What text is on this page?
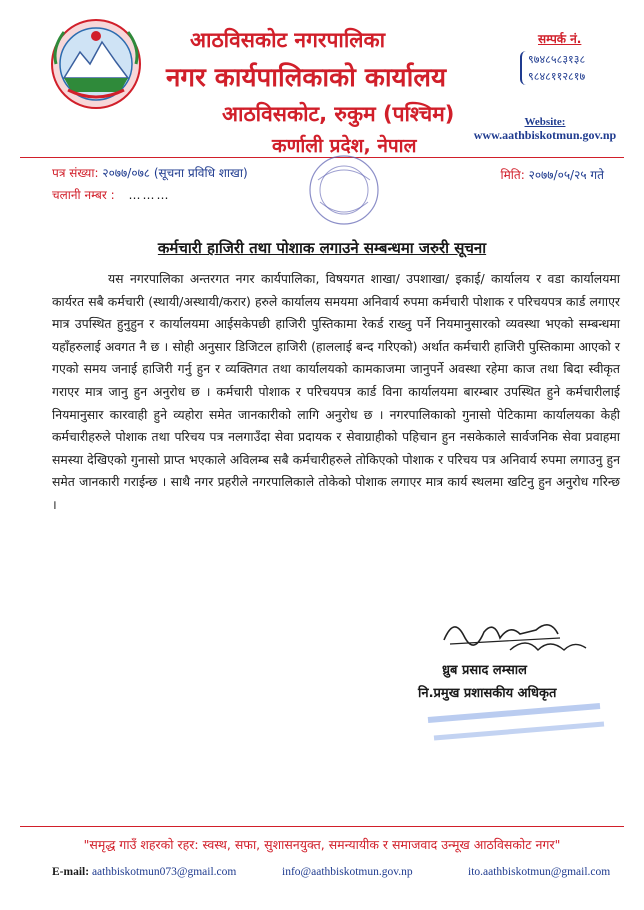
आठविसकोट नगरपालिका
नगर कार्यपालिकाको कार्यालय
आठविसकोट, रुकुम (पश्चिम)
कर्णाली प्रदेश, नेपाल
सम्पर्क नं.
९७४८५८३१३८
९८४८११२८१७
Website:
www.aathbiskotmun.gov.np
पत्र संख्या: २०७७/०७८ (सूचना प्रविधि शाखा)
चलानी नम्बर : ………
मिति: २०७७/०५/२५ गते
कर्मचारी हाजिरी तथा पोशाक लगाउने सम्बन्धमा जरुरी सूचना
यस नगरपालिका अन्तरगत नगर कार्यपालिका, विषयगत शाखा/ उपशाखा/ इकाई/ कार्यालय र वडा कार्यालयमा कार्यरत सबै कर्मचारी (स्थायी/अस्थायी/करार) हरुले कार्यालय समयमा अनिवार्य रुपमा कर्मचारी पोशाक र परिचयपत्र कार्ड लगाएर मात्र उपस्थित हुनुहुन र कार्यालयमा आईसकेपछी हाजिरी पुस्तिकामा रेकर्ड राख्नु पर्ने नियमानुसारको व्यवस्था भएको सम्बन्धमा यहाँहरुलाई अवगत नै छ । सोही अनुसार डिजिटल हाजिरी (हाललाई बन्द गरिएको) अर्थात कर्मचारी हाजिरी पुस्तिकामा आएको र गएको समय जनाई हाजिरी गर्नु हुन र व्यक्तिगत तथा कार्यालयको कामकाजमा जानुपर्ने अवस्था रहेमा काज तथा बिदा स्वीकृत गराएर मात्र जानु हुन अनुरोध छ । कर्मचारी पोशाक र परिचयपत्र कार्ड विना कार्यालयमा बारम्बार उपस्थित हुने कर्मचारीलाई नियमानुसार कारवाही हुने व्यहोरा समेत जानकारीको लागि अनुरोध छ । नगरपालिकाको गुनासो पेटिकामा कार्यालयका केही कर्मचारीहरुले पोशाक तथा परिचय पत्र नलगाउँदा सेवा प्रदायक र सेवाग्राहीको पहिचान हुन नसकेकाले सार्वजनिक सेवा प्रवाहमा समस्या देखिएको गुनासो प्राप्त भएकाले अविलम्ब सबै कर्मचारीहरुले तोकिएको पोशाक र परिचय पत्र अनिवार्य रुपमा लगाउनु हुन समेत जानकारी गराईन्छ । साथै नगर प्रहरीले नगरपालिकाले तोकेको पोशाक लगाएर मात्र कार्य स्थलमा खटिनु हुन अनुरोध गरिन्छ ।
ध्रुब प्रसाद लम्साल
नि.प्रमुख प्रशासकीय अधिकृत
"समृद्ध गाउँ शहरको रहर: स्वस्थ, सफा, सुशासनयुक्त, समन्यायीक र समाजवाद उन्मूख आठविसकोट नगर"
E-mail: aathbiskotmun073@gmail.com	info@aathbiskotmun.gov.np	ito.aathbiskotmun@gmail.com
